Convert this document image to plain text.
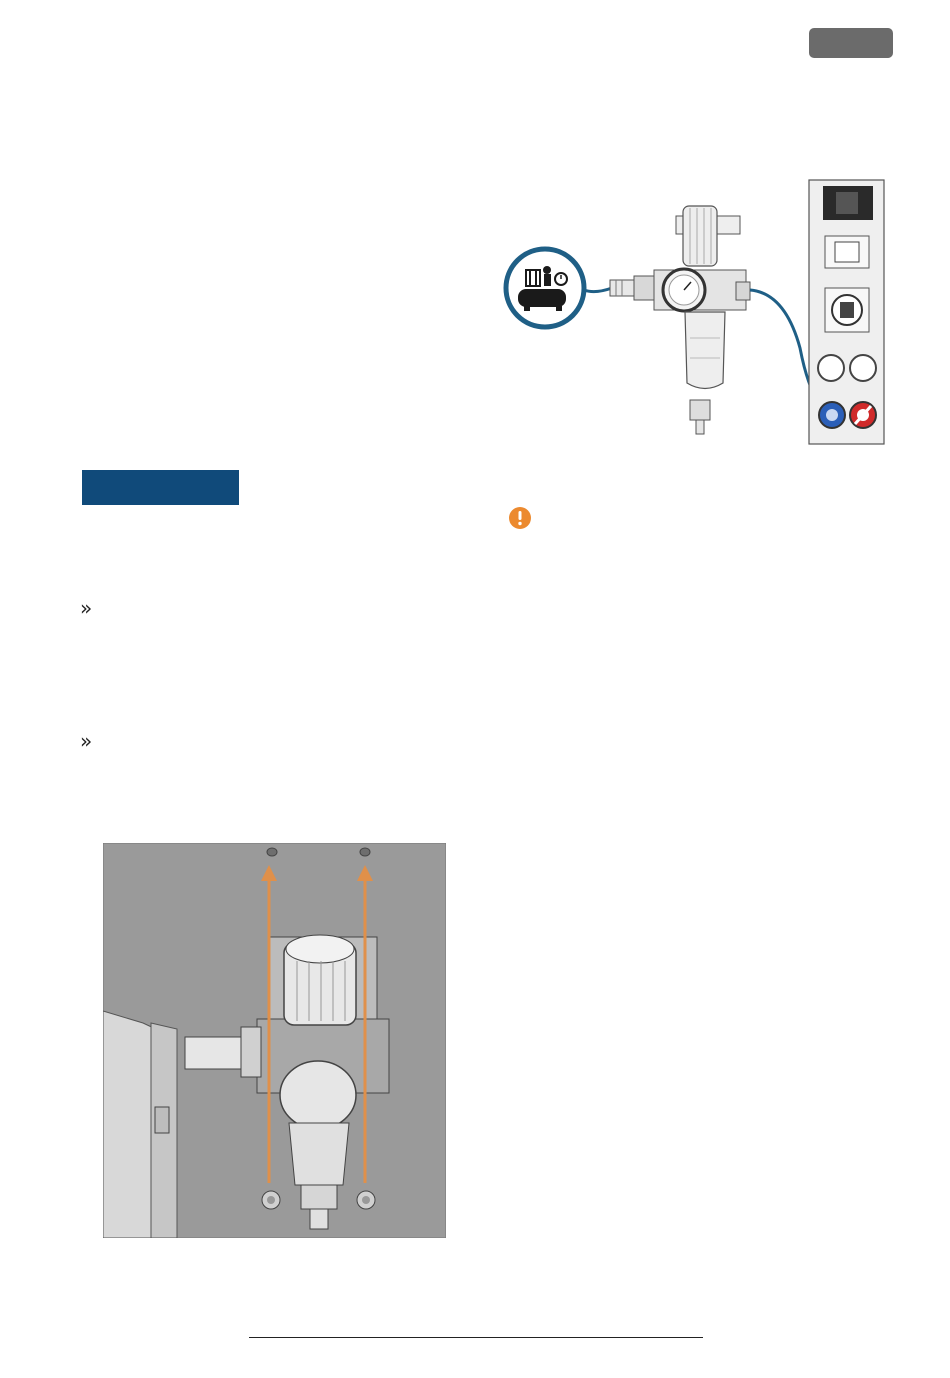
»
»
